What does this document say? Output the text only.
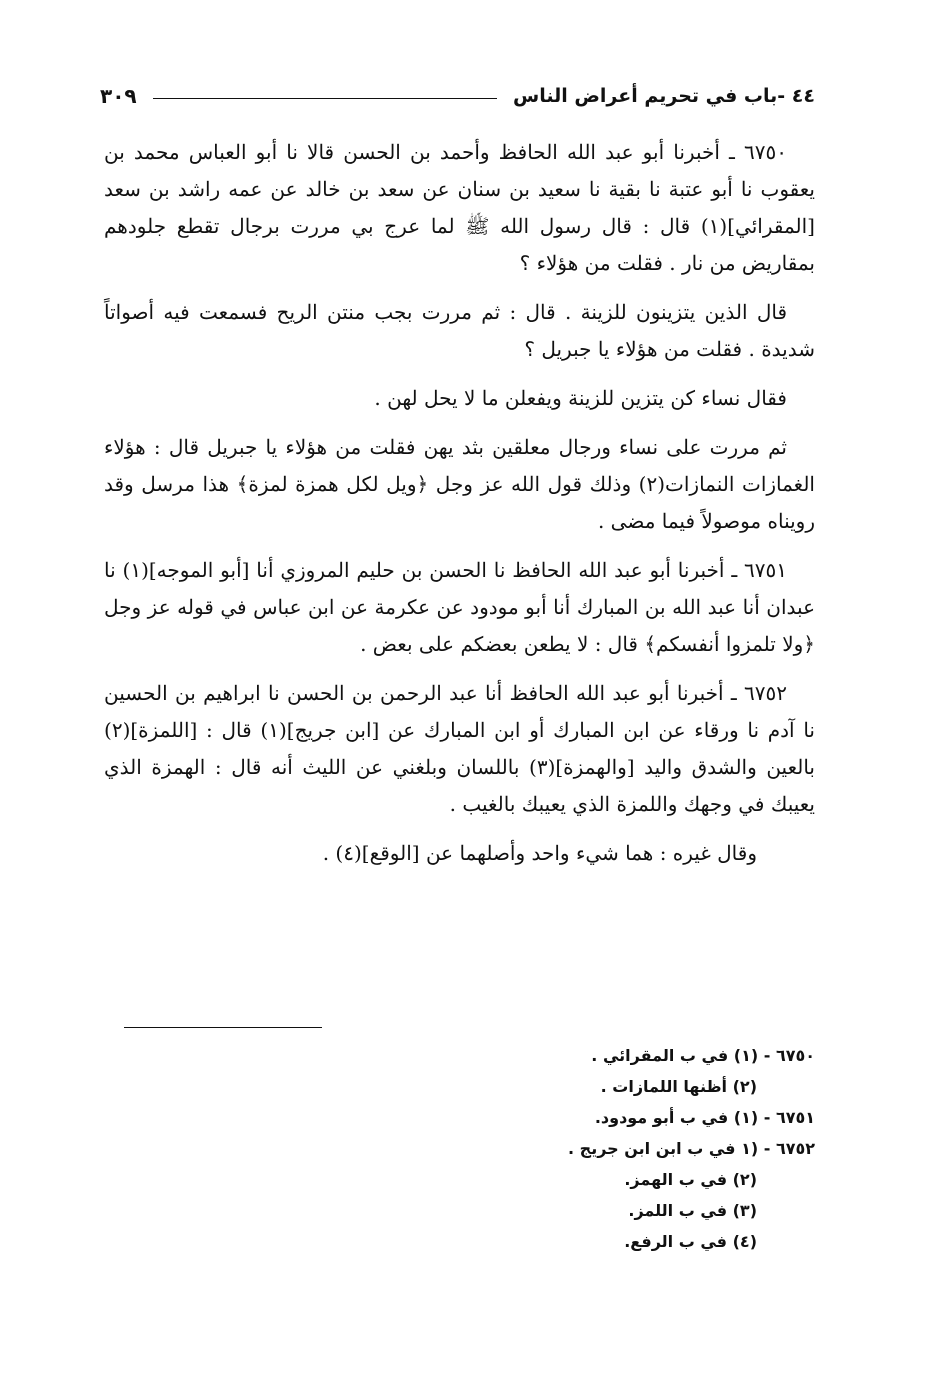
٤٤ -باب في تحريم أعراض الناس
٣٠٩

٦٧٥٠ ـ أخبرنا أبو عبد الله الحافظ وأحمد بن الحسن قالا نا أبو العباس محمد بن يعقوب نا أبو عتبة نا بقية نا سعيد بن سنان عن سعد بن خالد عن عمه راشد بن سعد [المقرائي](١) قال : قال رسول الله ﷺ لما عرج بي مررت برجال تقطع جلودهم بمقاريض من نار . فقلت من هؤلاء ؟

قال الذين يتزينون للزينة . قال : ثم مررت بجب منتن الريح فسمعت فيه أصواتاً شديدة . فقلت من هؤلاء يا جبريل ؟

فقال نساء كن يتزين للزينة ويفعلن ما لا يحل لهن .

ثم مررت على نساء ورجال معلقين بثد يهن فقلت من هؤلاء يا جبريل قال : هؤلاء الغمازات النمازات(٢) وذلك قول الله عز وجل ﴿ويل لكل همزة لمزة﴾ هذا مرسل وقد رويناه موصولاً فيما مضى .

٦٧٥١ ـ أخبرنا أبو عبد الله الحافظ نا الحسن بن حليم المروزي أنا [أبو الموجه](١) نا عبدان أنا عبد الله بن المبارك أنا أبو مودود عن عكرمة عن ابن عباس في قوله عز وجل ﴿ولا تلمزوا أنفسكم﴾ قال : لا يطعن بعضكم على بعض .

٦٧٥٢ ـ أخبرنا أبو عبد الله الحافظ أنا عبد الرحمن بن الحسن نا ابراهيم بن الحسين نا آدم نا ورقاء عن ابن المبارك أو ابن المبارك عن [ابن جريج](١) قال : [اللمزة](٢) بالعين والشدق واليد [والهمزة](٣) باللسان وبلغني عن الليث أنه قال : الهمزة الذي يعيبك في وجهك واللمزة الذي يعيبك بالغيب .

وقال غيره : هما شيء واحد وأصلهما عن [الوقع](٤) .

٦٧٥٠ - (١) في ب المقرائي .
(٢) أظنها اللمازات .
٦٧٥١ - (١) في ب أبو مودود.
٦٧٥٢ - (١ في ب ابن ابن جريج .
(٢) في ب الهمز.
(٣) في ب اللمز.
(٤) في ب الرفع.
